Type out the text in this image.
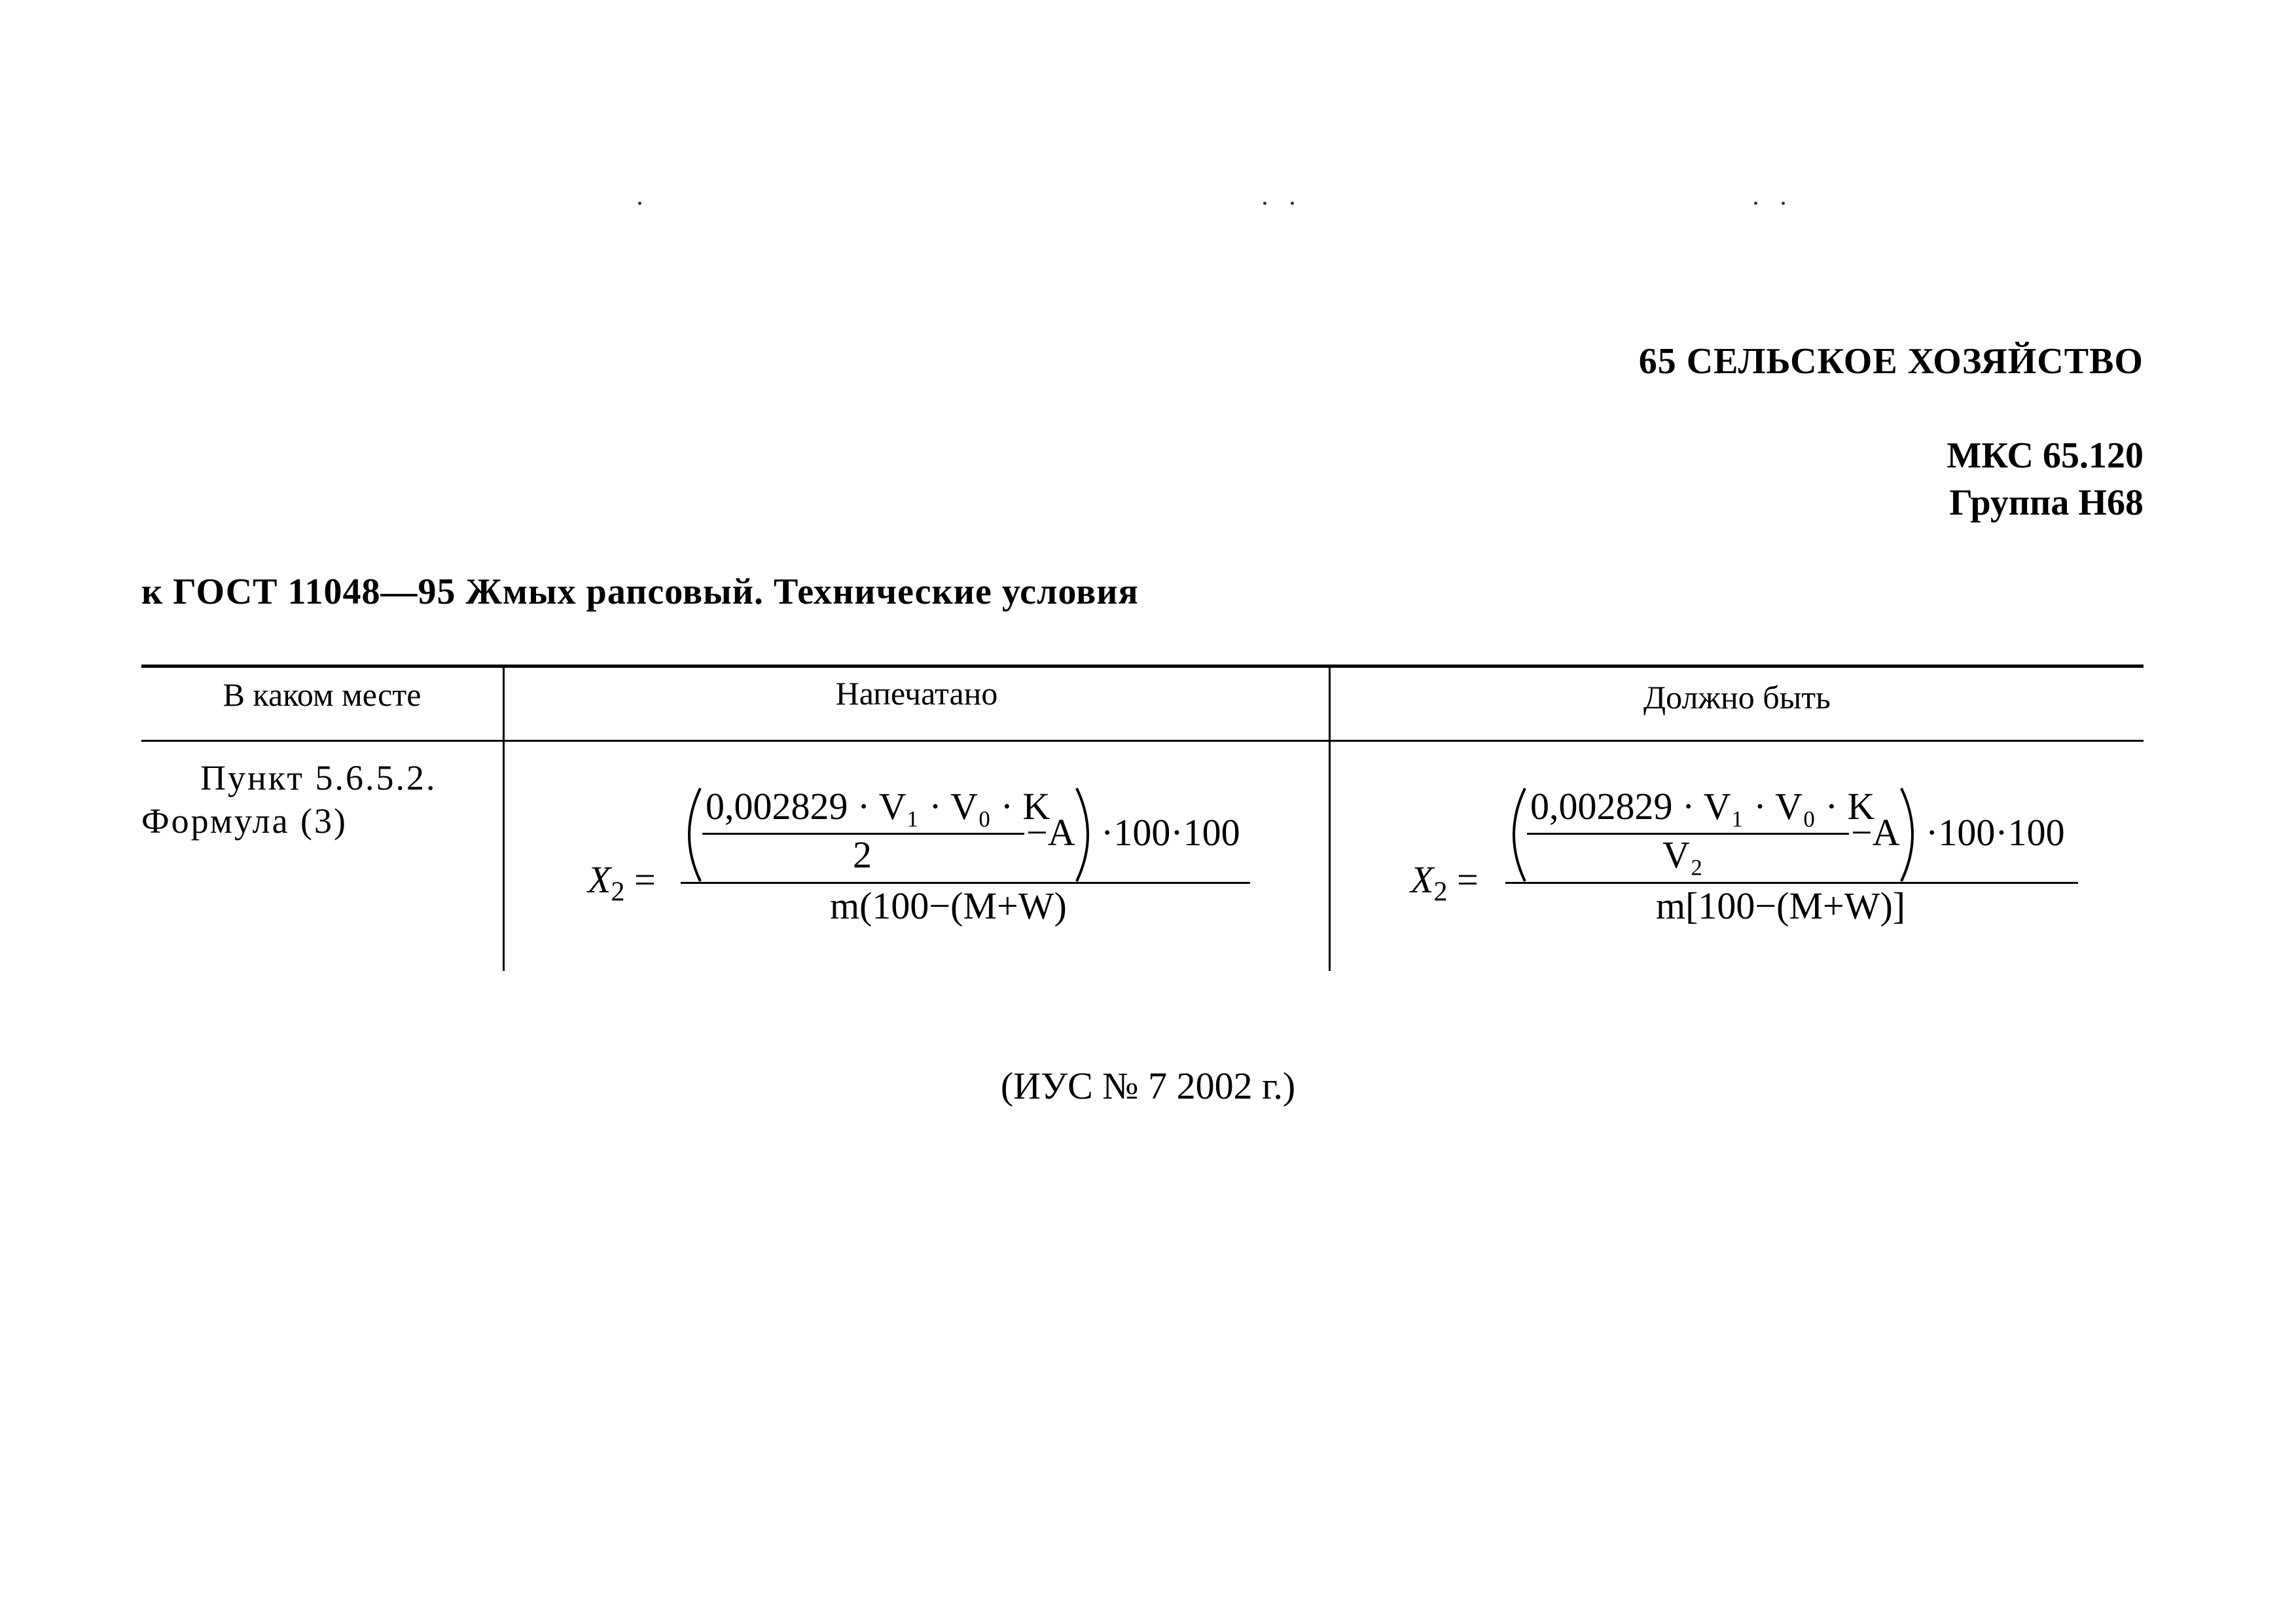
65 СЕЛЬСКОЕ ХОЗЯЙСТВО
МКС 65.120
Группа Н68
к ГОСТ 11048—95 Жмых рапсовый. Технические условия
В каком месте	Напечатано	Должно быть
Пункт 5.6.5.2.
Формула (3)
$X_2$ =
0,002829 · V₁ · V₀ · K
2
−A ·100·100
m(100−(M+W)
$X_2$ =
0,002829 · V₁ · V₀ · K
V₂
−A ·100·100
m[100−(M+W)]
(ИУС № 7 2002 г.)
